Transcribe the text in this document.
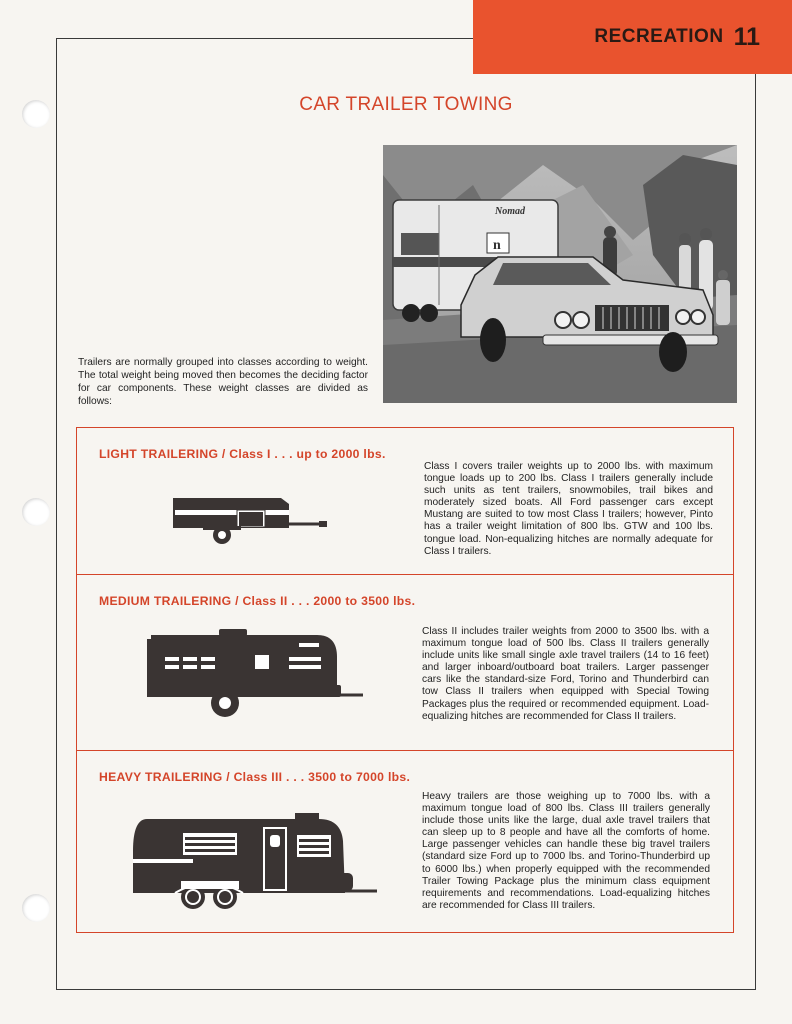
RECREATION 11
CAR TRAILER TOWING
Nomad
n
Trailers are normally grouped into classes according to weight. The total weight being moved then becomes the deciding factor for car components. These weight classes are divided as follows:
LIGHT TRAILERING / Class I . . . up to 2000 lbs.
Class I covers trailer weights up to 2000 lbs. with maximum tongue loads up to 200 lbs. Class I trailers generally include such units as tent trailers, snowmobiles, trail bikes and moderately sized boats. All Ford passenger cars except Mustang are suited to tow most Class I trailers; however, Pinto has a trailer weight limitation of 800 lbs. GTW and 100 lbs. tongue load. Non-equalizing hitches are normally adequate for Class I trailers.
MEDIUM TRAILERING / Class II . . . 2000 to 3500 lbs.
Class II includes trailer weights from 2000 to 3500 lbs. with a maximum tongue load of 500 lbs. Class II trailers generally include units like small single axle travel trailers (14 to 16 feet) and larger inboard/outboard boat trailers. Larger passenger cars like the standard-size Ford, Torino and Thunderbird can tow Class II trailers when equipped with Special Towing Packages plus the required or recommended equipment. Load-equalizing hitches are recommended for Class II trailers.
HEAVY TRAILERING / Class III . . . 3500 to 7000 lbs.
Heavy trailers are those weighing up to 7000 lbs. with a maximum tongue load of 800 lbs. Class III trailers generally include those units like the large, dual axle travel trailers that can sleep up to 8 people and have all the comforts of home. Large passenger vehicles can handle these big travel trailers (standard size Ford up to 7000 lbs. and Torino-Thunderbird up to 6000 lbs.) when properly equipped with the recommended Trailer Towing Package plus the minimum class equipment requirements and recommendations. Load-equalizing hitches are recommended for Class III trailers.
